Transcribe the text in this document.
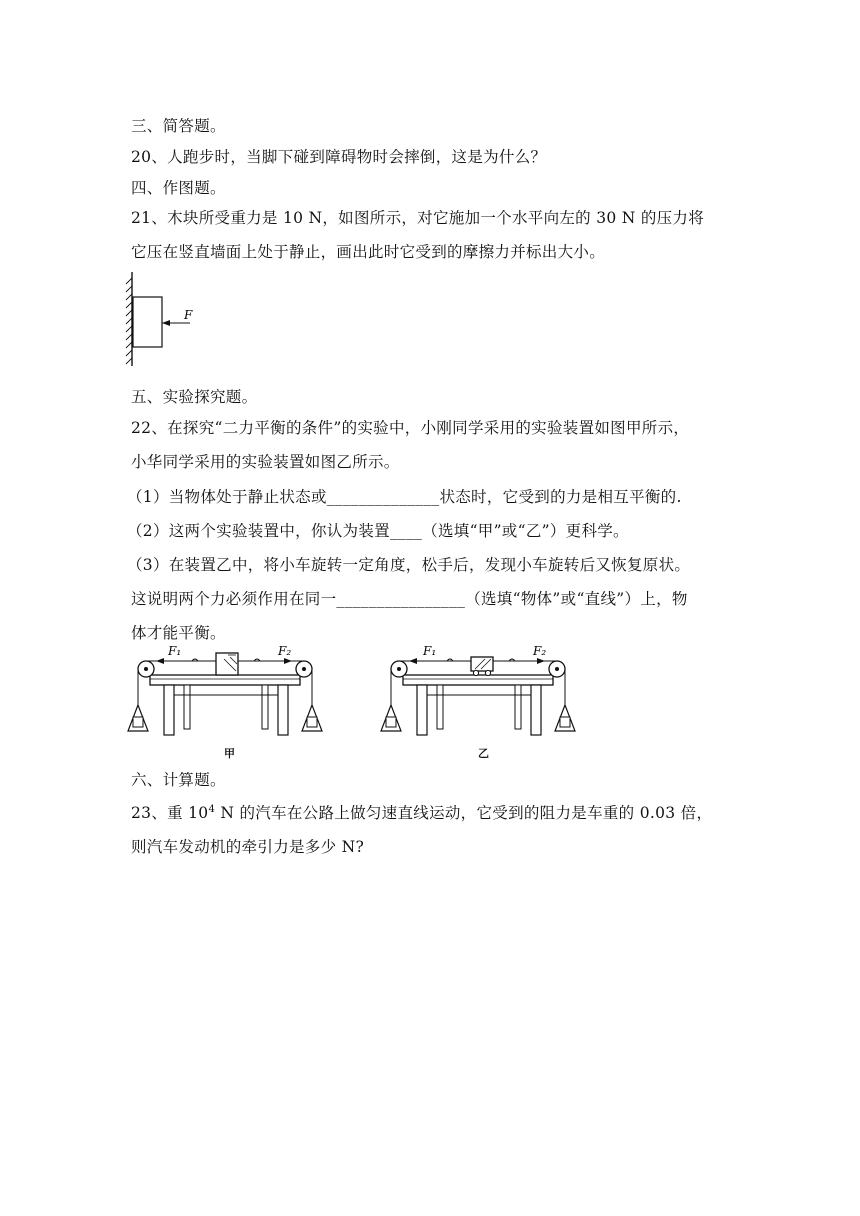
三、简答题。
20、人跑步时，当脚下碰到障碍物时会摔倒，这是为什么？
四、作图题。
21、木块所受重力是 10 N，如图所示，对它施加一个水平向左的 30 N 的压力将
它压在竖直墙面上处于静止，画出此时它受到的摩擦力并标出大小。
F
五、实验探究题。
22、在探究“二力平衡的条件”的实验中，小刚同学采用的实验装置如图甲所示，
小华同学采用的实验装置如图乙所示。
（1）当物体处于静止状态或______________状态时，它受到的力是相互平衡的.
（2）这两个实验装置中，你认为装置____（选填“甲”或“乙”）更科学。
（3）在装置乙中，将小车旋转一定角度，松手后，发现小车旋转后又恢复原状。
这说明两个力必须作用在同一________________（选填“物体”或“直线”）上，物
体才能平衡。
F₁	F₂
甲
F₁	F₂
乙
六、计算题。
23、重 $10^4$ N 的汽车在公路上做匀速直线运动，它受到的阻力是车重的 0.03 倍，
则汽车发动机的牵引力是多少 N?
